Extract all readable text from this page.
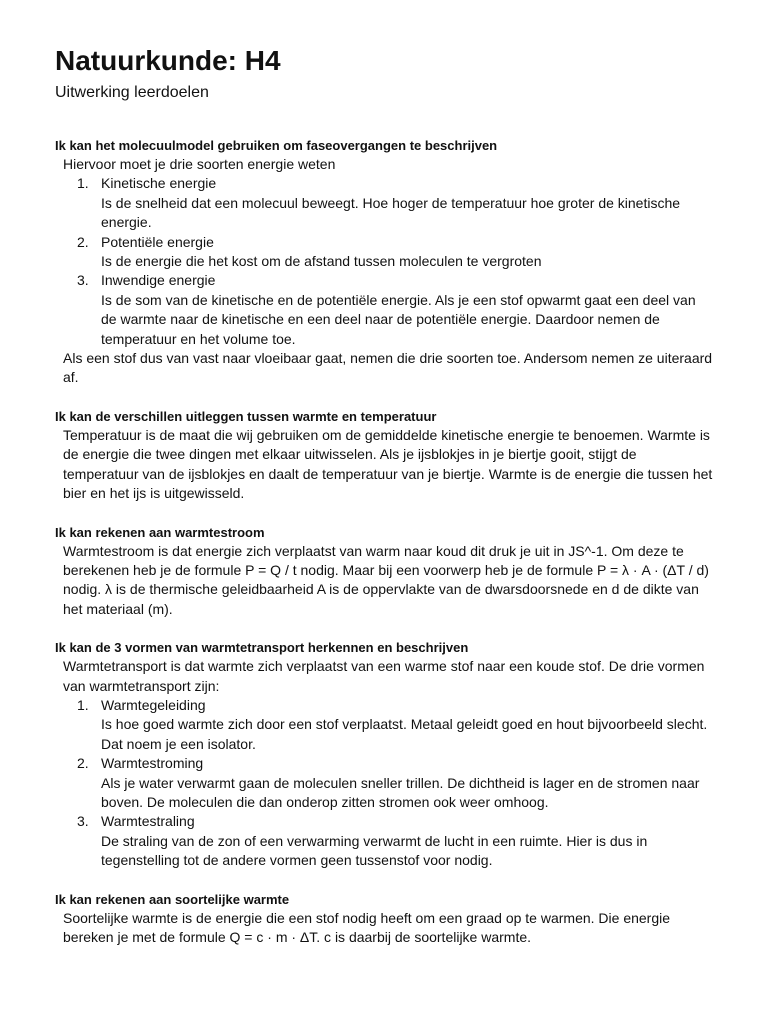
Natuurkunde: H4
Uitwerking leerdoelen
Ik kan het molecuulmodel gebruiken om faseovergangen te beschrijven
Hiervoor moet je drie soorten energie weten
1. Kinetische energie
Is de snelheid dat een molecuul beweegt. Hoe hoger de temperatuur hoe groter de kinetische energie.
2. Potentiële energie
Is de energie die het kost om de afstand tussen moleculen te vergroten
3. Inwendige energie
Is de som van de kinetische en de potentiële energie. Als je een stof opwarmt gaat een deel van de warmte naar de kinetische en een deel naar de potentiële energie. Daardoor nemen de temperatuur en het volume toe.
Als een stof dus van vast naar vloeibaar gaat, nemen die drie soorten toe. Andersom nemen ze uiteraard af.
Ik kan de verschillen uitleggen tussen warmte en temperatuur
Temperatuur is de maat die wij gebruiken om de gemiddelde kinetische energie te benoemen. Warmte is de energie die twee dingen met elkaar uitwisselen. Als je ijsblokjes in je biertje gooit, stijgt de temperatuur van de ijsblokjes en daalt de temperatuur van je biertje. Warmte is de energie die tussen het bier en het ijs is uitgewisseld.
Ik kan rekenen aan warmtestroom
Warmtestroom is dat energie zich verplaatst van warm naar koud dit druk je uit in JS^-1. Om deze te berekenen heb je de formule P = Q / t nodig. Maar bij een voorwerp heb je de formule P = λ · A · (ΔT / d) nodig. λ is de thermische geleidbaarheid A is de oppervlakte van de dwarsdoorsnede en d de dikte van het materiaal (m).
Ik kan de 3 vormen van warmtetransport herkennen en beschrijven
Warmtetransport is dat warmte zich verplaatst van een warme stof naar een koude stof. De drie vormen van warmtetransport zijn:
1. Warmtegeleiding
Is hoe goed warmte zich door een stof verplaatst. Metaal geleidt goed en hout bijvoorbeeld slecht. Dat noem je een isolator.
2. Warmtestroming
Als je water verwarmt gaan de moleculen sneller trillen. De dichtheid is lager en de stromen naar boven. De moleculen die dan onderop zitten stromen ook weer omhoog.
3. Warmtestraling
De straling van de zon of een verwarming verwarmt de lucht in een ruimte. Hier is dus in tegenstelling tot de andere vormen geen tussenstof voor nodig.
Ik kan rekenen aan soortelijke warmte
Soortelijke warmte is de energie die een stof nodig heeft om een graad op te warmen. Die energie bereken je met de formule Q = c · m · ΔT. c is daarbij de soortelijke warmte.
